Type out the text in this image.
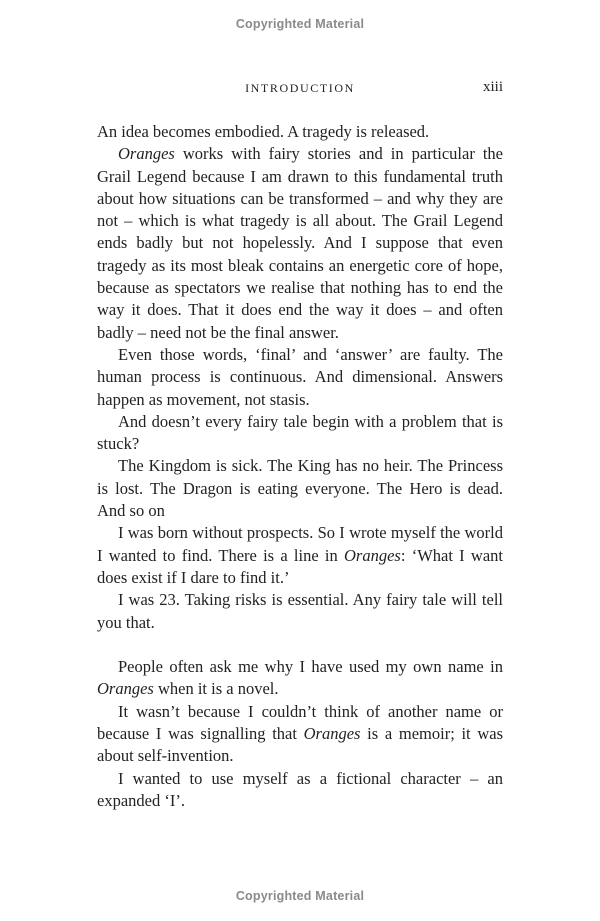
Copyrighted Material
INTRODUCTION	xiii

An idea becomes embodied. A tragedy is released.

Oranges works with fairy stories and in particular the Grail Legend because I am drawn to this fundamental truth about how situations can be transformed – and why they are not – which is what tragedy is all about. The Grail Legend ends badly but not hopelessly. And I suppose that even tragedy as its most bleak contains an energetic core of hope, because as spectators we realise that nothing has to end the way it does. That it does end the way it does – and often badly – need not be the final answer.

Even those words, ‘final’ and ‘answer’ are faulty. The human process is continuous. And dimensional. Answers happen as movement, not stasis.

And doesn’t every fairy tale begin with a problem that is stuck?

The Kingdom is sick. The King has no heir. The Princess is lost. The Dragon is eating everyone. The Hero is dead. And so on

I was born without prospects. So I wrote myself the world I wanted to find. There is a line in Oranges: ‘What I want does exist if I dare to find it.’

I was 23. Taking risks is essential. Any fairy tale will tell you that.

People often ask me why I have used my own name in Oranges when it is a novel.

It wasn’t because I couldn’t think of another name or because I was signalling that Oranges is a memoir; it was about self-invention.

I wanted to use myself as a fictional character – an expanded ‘I’.

Copyrighted Material
